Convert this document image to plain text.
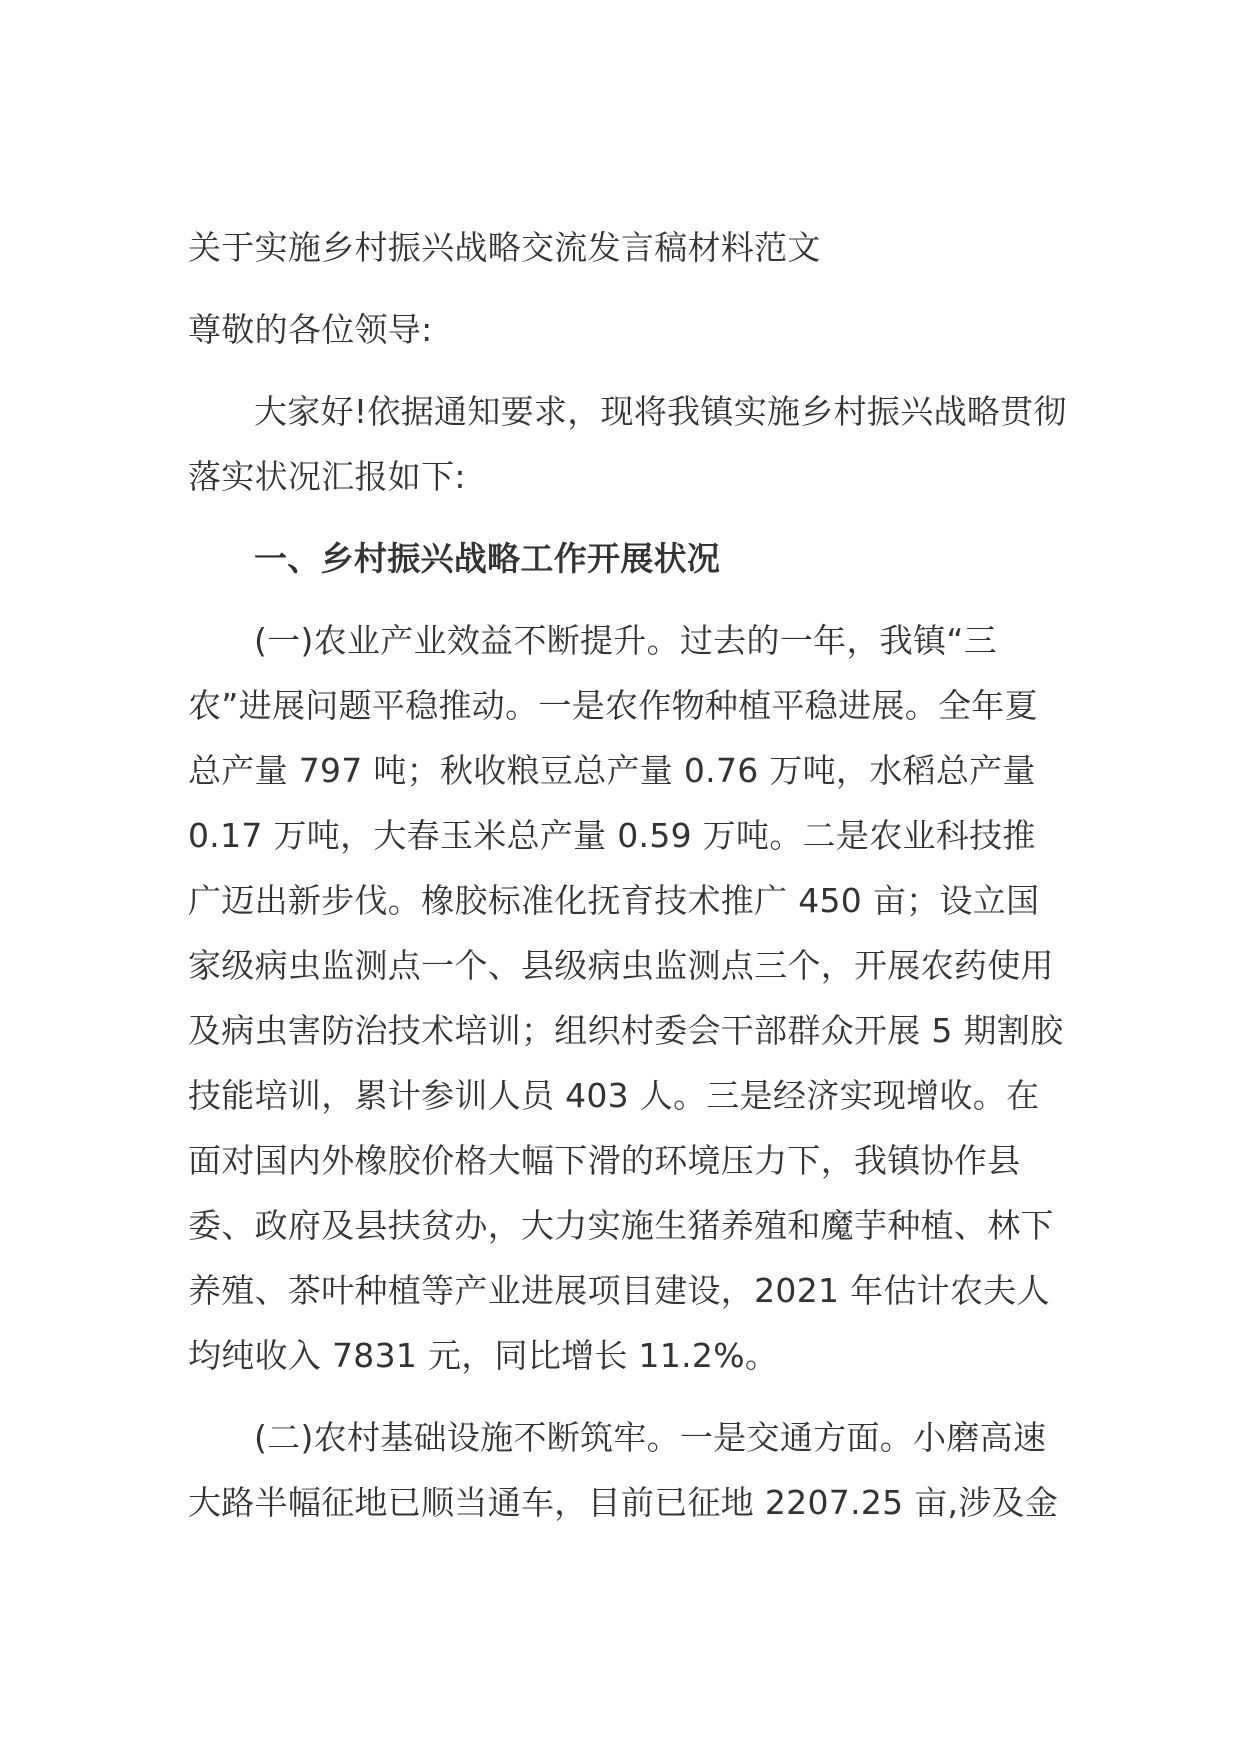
关于实施乡村振兴战略交流发言稿材料范文

尊敬的各位领导:

大家好!依据通知要求，现将我镇实施乡村振兴战略贯彻落实状况汇报如下:

一、乡村振兴战略工作开展状况

(一)农业产业效益不断提升。过去的一年，我镇“三农”进展问题平稳推动。一是农作物种植平稳进展。全年夏总产量 797 吨；秋收粮豆总产量 0.76 万吨，水稻总产量 0.17 万吨，大春玉米总产量 0.59 万吨。二是农业科技推广迈出新步伐。橡胶标准化抚育技术推广 450 亩；设立国家级病虫监测点一个、县级病虫监测点三个，开展农药使用及病虫害防治技术培训；组织村委会干部群众开展 5 期割胶技能培训，累计参训人员 403 人。三是经济实现增收。在面对国内外橡胶价格大幅下滑的环境压力下，我镇协作县委、政府及县扶贫办，大力实施生猪养殖和魔芋种植、林下养殖、茶叶种植等产业进展项目建设，2021 年估计农夫人均纯收入 7831 元，同比增长 11.2%。

(二)农村基础设施不断筑牢。一是交通方面。小磨高速大路半幅征地已顺当通车，目前已征地 2207.25 亩,涉及金
